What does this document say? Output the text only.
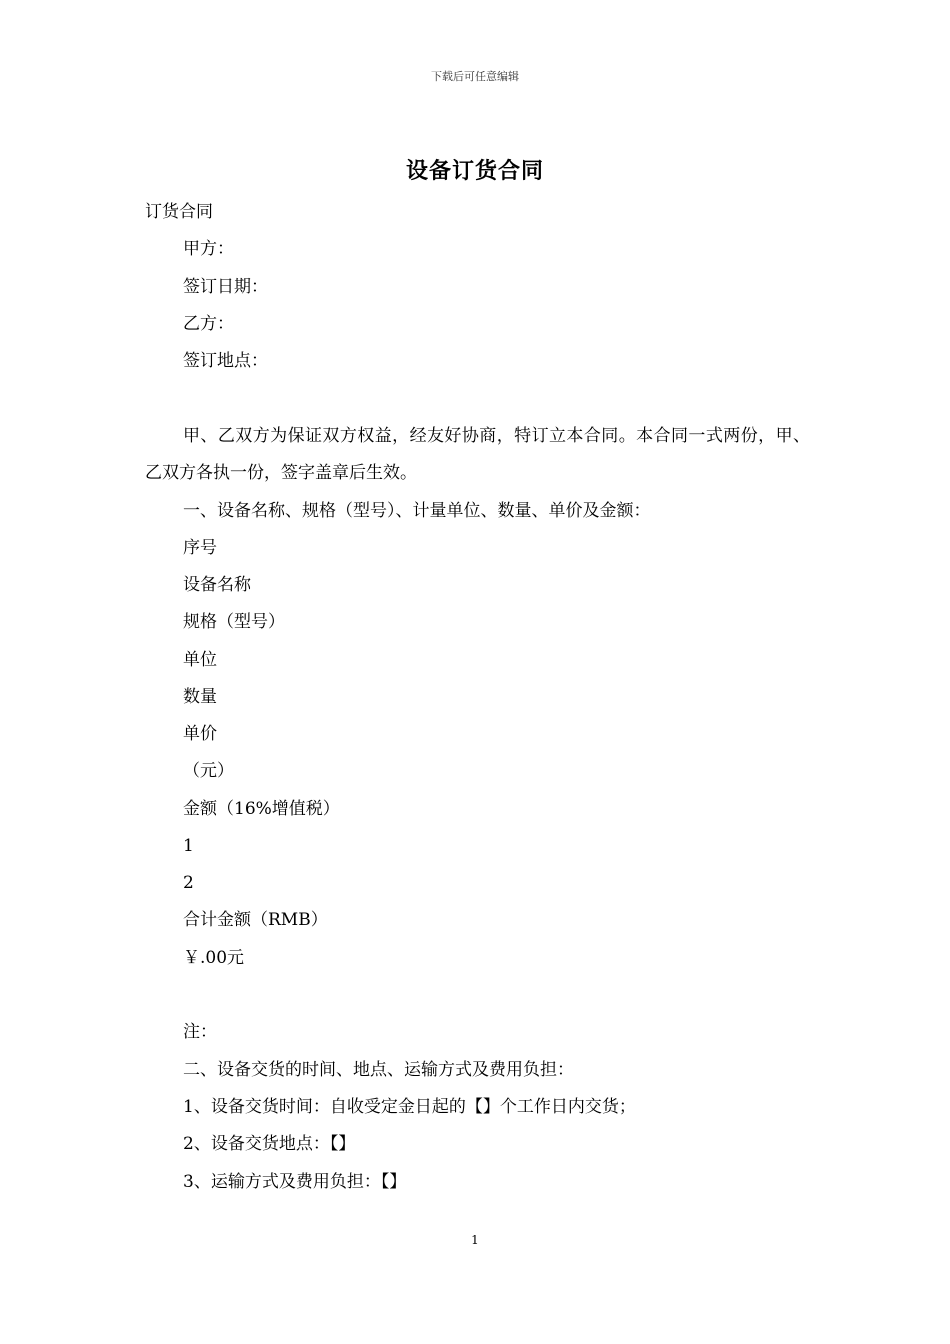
下载后可任意编辑
设备订货合同
订货合同
甲方：
签订日期：
乙方：
签订地点：
甲、乙双方为保证双方权益，经友好协商，特订立本合同。本合同一式两份，甲、乙双方各执一份，签字盖章后生效。
一、设备名称、规格（型号）、计量单位、数量、单价及金额：
序号
设备名称
规格（型号）
单位
数量
单价
（元）
金额（16%增值税）
1
2
合计金额（RMB）
￥.00元
注：
二、设备交货的时间、地点、运输方式及费用负担：
1、设备交货时间：自收受定金日起的【】个工作日内交货；
2、设备交货地点：【】
3、运输方式及费用负担：【】
1
